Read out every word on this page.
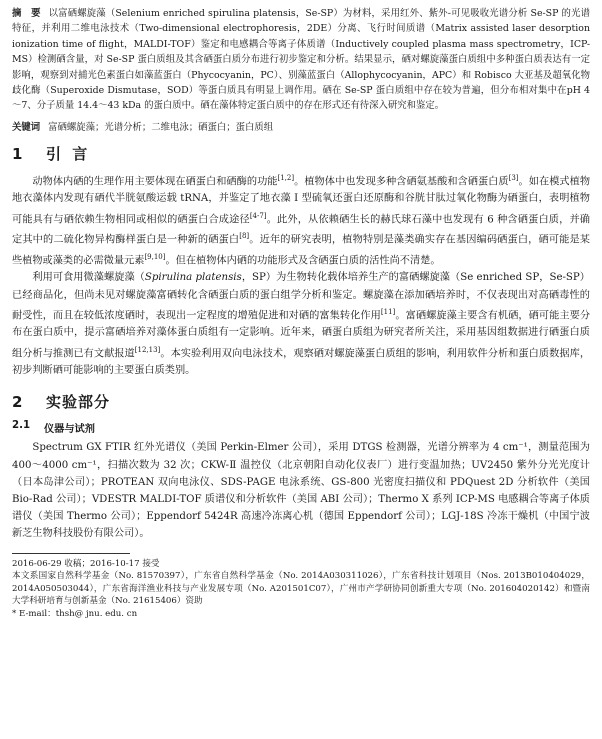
摘　要 以富硒螺旋藻（Selenium enriched spirulina platensis，Se-SP）为材料，采用红外、紫外-可见吸收光谱分析 Se-SP 的光谱特征，并利用二维电泳技术（Two-dimensional electrophoresis，2DE）分离、飞行时间质谱（Matrix assisted laser desorption ionization time of flight，MALDI-TOF）鉴定和电感耦合等离子体质谱（Inductively coupled plasma mass spectrometry，ICP-MS）检测硒含量，对 Se-SP 蛋白质组及其含硒蛋白质分布进行初步鉴定和分析。结果显示，硒对螺旋藻蛋白质组中多种蛋白质表达有一定影响，观察到对捕光色素蛋白如藻蓝蛋白（Phycocyanin，PC）、别藻蓝蛋白（Allophycocyanin，APC）和 Robisco 大亚基及超氧化物歧化酶（Superoxide Dismutase，SOD）等蛋白质具有明显上调作用。硒在 Se-SP 蛋白质组中存在较为普遍，但分布相对集中在pH 4～7、分子质量 14.4～43 kDa 的蛋白质中。硒在藻体特定蛋白质中的存在形式还有待深入研究和鉴定。

关键词 富硒螺旋藻；光谱分析；二维电泳；硒蛋白；蛋白质组

1	引 言

动物体内硒的生理作用主要体现在硒蛋白和硒酶的功能[1,2]。植物体中也发现多种含硒氨基酸和含硒蛋白质[3]。如在模式植物地衣藻体内发现有硒代半胱氨酸运载 tRNA，并鉴定了地衣藻 I 型硫氧还蛋白还原酶和谷胱甘肽过氧化物酶为硒蛋白，表明植物可能具有与硒依赖生物相同或相似的硒蛋白合成途径[4-7]。此外，从依赖硒生长的赫氏球石藻中也发现有 6 种含硒蛋白质，并确定其中的二硫化物异构酶样蛋白是一种新的硒蛋白[8]。近年的研究表明，植物特别是藻类确实存在基因编码硒蛋白，硒可能是某些植物或藻类的必需微量元素[9,10]。但在植物体内硒的功能形式及含硒蛋白质的活性尚不清楚。

利用可食用微藻螺旋藻（Spirulina platensis，SP）为生物转化载体培养生产的富硒螺旋藻（Se enriched SP，Se-SP）已经商品化，但尚未见对螺旋藻富硒转化含硒蛋白质的蛋白组学分析和鉴定。螺旋藻在添加硒培养时，不仅表现出对高硒毒性的耐受性，而且在较低浓度硒时，表现出一定程度的增殖促进和对硒的富集转化作用[11]。富硒螺旋藻主要含有机硒，硒可能主要分布在蛋白质中，提示富硒培养对藻体蛋白质组有一定影响。近年来，硒蛋白质组为研究者所关注，采用基因组数据进行硒蛋白质组分析与推测已有文献报道[12,13]。本实验利用双向电泳技术，观察硒对螺旋藻蛋白质组的影响，利用软件分析和蛋白质数据库，初步判断硒可能影响的主要蛋白质类别。

2	实验部分
2.1	仪器与试剂

Spectrum GX FTIR 红外光谱仪（美国 Perkin-Elmer 公司），采用 DTGS 检测器，光谱分辨率为 4 cm⁻¹，测量范围为 400～4000 cm⁻¹，扫描次数为 32 次；CKW-Ⅱ 温控仪（北京朝阳自动化仪表厂）进行变温加热；UV2450 紫外分光光度计（日本岛津公司）；PROTEAN 双向电泳仪、SDS-PAGE 电泳系统、GS-800 光密度扫描仪和 PDQuest 2D 分析软件（美国 Bio-Rad 公司）；VDESTR MALDI-TOF 质谱仪和分析软件（美国 ABI 公司）；Thermo X 系列 ICP-MS 电感耦合等离子体质谱仪（美国 Thermo 公司）；Eppendorf 5424R 高速冷冻离心机（德国 Eppendorf 公司）；LGJ-18S 冷冻干燥机（中国宁波新芝生物科技股份有限公司）。

2016-06-29 收稿；2016-10-17 接受
本文系国家自然科学基金（No. 81570397），广东省自然科学基金（No. 2014A030311026），广东省科技计划项目（Nos. 2013B010404029，2014A050503044），广东省海洋渔业科技与产业发展专项（No. A201501C07），广州市产学研协同创新重大专项（No. 201604020142）和暨南大学科研培育与创新基金（No. 21615406）资助
* E-mail：thsh@ jnu. edu. cn
